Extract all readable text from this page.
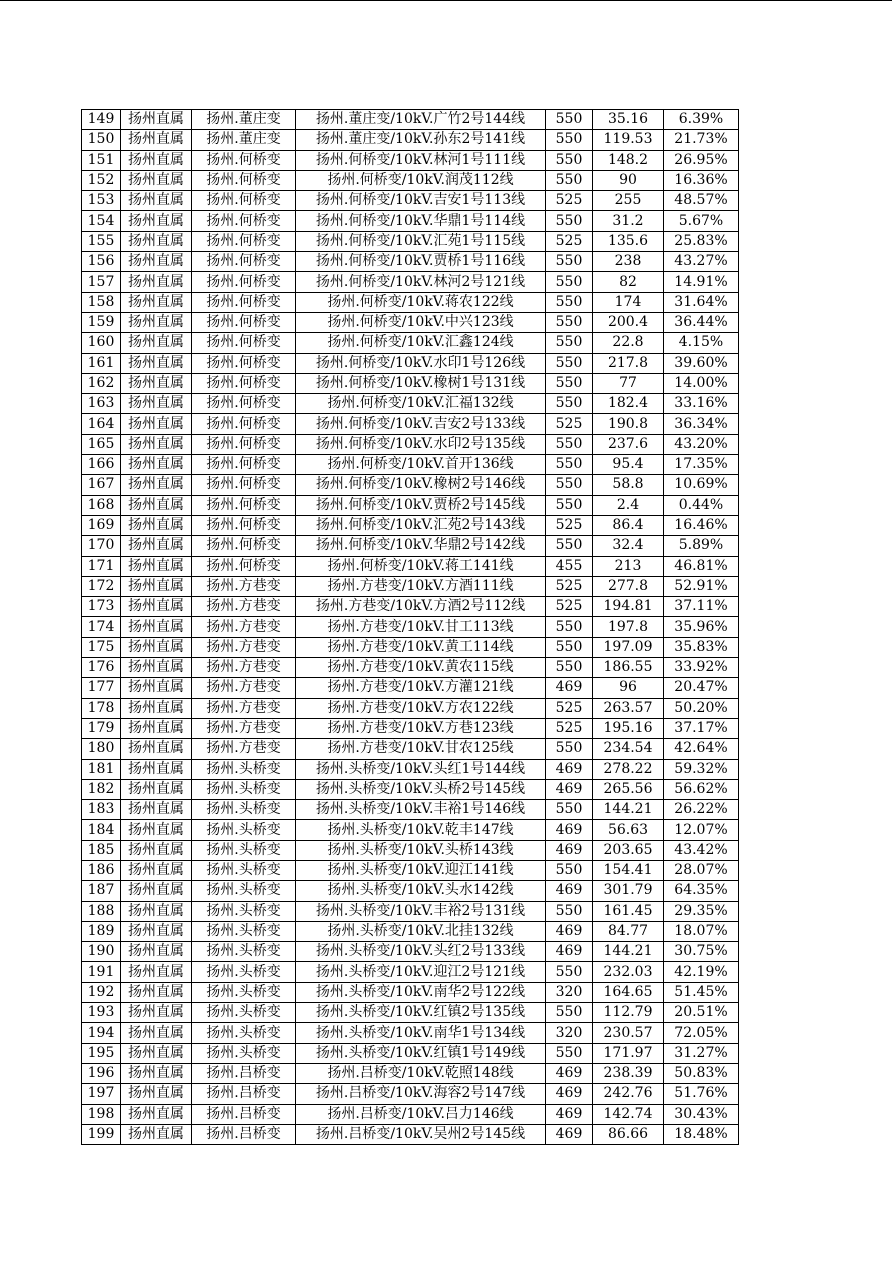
149	扬州直属	扬州.董庄变	扬州.董庄变/10kV.广竹2号144线	550	35.16	6.39%
150	扬州直属	扬州.董庄变	扬州.董庄变/10kV.孙东2号141线	550	119.53	21.73%
151	扬州直属	扬州.何桥变	扬州.何桥变/10kV.林河1号111线	550	148.2	26.95%
152	扬州直属	扬州.何桥变	扬州.何桥变/10kV.润茂112线	550	90	16.36%
153	扬州直属	扬州.何桥变	扬州.何桥变/10kV.吉安1号113线	525	255	48.57%
154	扬州直属	扬州.何桥变	扬州.何桥变/10kV.华鼎1号114线	550	31.2	5.67%
155	扬州直属	扬州.何桥变	扬州.何桥变/10kV.汇苑1号115线	525	135.6	25.83%
156	扬州直属	扬州.何桥变	扬州.何桥变/10kV.贾桥1号116线	550	238	43.27%
157	扬州直属	扬州.何桥变	扬州.何桥变/10kV.林河2号121线	550	82	14.91%
158	扬州直属	扬州.何桥变	扬州.何桥变/10kV.蒋农122线	550	174	31.64%
159	扬州直属	扬州.何桥变	扬州.何桥变/10kV.中兴123线	550	200.4	36.44%
160	扬州直属	扬州.何桥变	扬州.何桥变/10kV.汇鑫124线	550	22.8	4.15%
161	扬州直属	扬州.何桥变	扬州.何桥变/10kV.水印1号126线	550	217.8	39.60%
162	扬州直属	扬州.何桥变	扬州.何桥变/10kV.橡树1号131线	550	77	14.00%
163	扬州直属	扬州.何桥变	扬州.何桥变/10kV.汇福132线	550	182.4	33.16%
164	扬州直属	扬州.何桥变	扬州.何桥变/10kV.吉安2号133线	525	190.8	36.34%
165	扬州直属	扬州.何桥变	扬州.何桥变/10kV.水印2号135线	550	237.6	43.20%
166	扬州直属	扬州.何桥变	扬州.何桥变/10kV.首开136线	550	95.4	17.35%
167	扬州直属	扬州.何桥变	扬州.何桥变/10kV.橡树2号146线	550	58.8	10.69%
168	扬州直属	扬州.何桥变	扬州.何桥变/10kV.贾桥2号145线	550	2.4	0.44%
169	扬州直属	扬州.何桥变	扬州.何桥变/10kV.汇苑2号143线	525	86.4	16.46%
170	扬州直属	扬州.何桥变	扬州.何桥变/10kV.华鼎2号142线	550	32.4	5.89%
171	扬州直属	扬州.何桥变	扬州.何桥变/10kV.蒋工141线	455	213	46.81%
172	扬州直属	扬州.方巷变	扬州.方巷变/10kV.方酒111线	525	277.8	52.91%
173	扬州直属	扬州.方巷变	扬州.方巷变/10kV.方酒2号112线	525	194.81	37.11%
174	扬州直属	扬州.方巷变	扬州.方巷变/10kV.甘工113线	550	197.8	35.96%
175	扬州直属	扬州.方巷变	扬州.方巷变/10kV.黄工114线	550	197.09	35.83%
176	扬州直属	扬州.方巷变	扬州.方巷变/10kV.黄农115线	550	186.55	33.92%
177	扬州直属	扬州.方巷变	扬州.方巷变/10kV.方灌121线	469	96	20.47%
178	扬州直属	扬州.方巷变	扬州.方巷变/10kV.方农122线	525	263.57	50.20%
179	扬州直属	扬州.方巷变	扬州.方巷变/10kV.方巷123线	525	195.16	37.17%
180	扬州直属	扬州.方巷变	扬州.方巷变/10kV.甘农125线	550	234.54	42.64%
181	扬州直属	扬州.头桥变	扬州.头桥变/10kV.头红1号144线	469	278.22	59.32%
182	扬州直属	扬州.头桥变	扬州.头桥变/10kV.头桥2号145线	469	265.56	56.62%
183	扬州直属	扬州.头桥变	扬州.头桥变/10kV.丰裕1号146线	550	144.21	26.22%
184	扬州直属	扬州.头桥变	扬州.头桥变/10kV.乾丰147线	469	56.63	12.07%
185	扬州直属	扬州.头桥变	扬州.头桥变/10kV.头桥143线	469	203.65	43.42%
186	扬州直属	扬州.头桥变	扬州.头桥变/10kV.迎江141线	550	154.41	28.07%
187	扬州直属	扬州.头桥变	扬州.头桥变/10kV.头水142线	469	301.79	64.35%
188	扬州直属	扬州.头桥变	扬州.头桥变/10kV.丰裕2号131线	550	161.45	29.35%
189	扬州直属	扬州.头桥变	扬州.头桥变/10kV.北挂132线	469	84.77	18.07%
190	扬州直属	扬州.头桥变	扬州.头桥变/10kV.头红2号133线	469	144.21	30.75%
191	扬州直属	扬州.头桥变	扬州.头桥变/10kV.迎江2号121线	550	232.03	42.19%
192	扬州直属	扬州.头桥变	扬州.头桥变/10kV.南华2号122线	320	164.65	51.45%
193	扬州直属	扬州.头桥变	扬州.头桥变/10kV.红镇2号135线	550	112.79	20.51%
194	扬州直属	扬州.头桥变	扬州.头桥变/10kV.南华1号134线	320	230.57	72.05%
195	扬州直属	扬州.头桥变	扬州.头桥变/10kV.红镇1号149线	550	171.97	31.27%
196	扬州直属	扬州.吕桥变	扬州.吕桥变/10kV.乾照148线	469	238.39	50.83%
197	扬州直属	扬州.吕桥变	扬州.吕桥变/10kV.海容2号147线	469	242.76	51.76%
198	扬州直属	扬州.吕桥变	扬州.吕桥变/10kV.吕力146线	469	142.74	30.43%
199	扬州直属	扬州.吕桥变	扬州.吕桥变/10kV.吴州2号145线	469	86.66	18.48%
